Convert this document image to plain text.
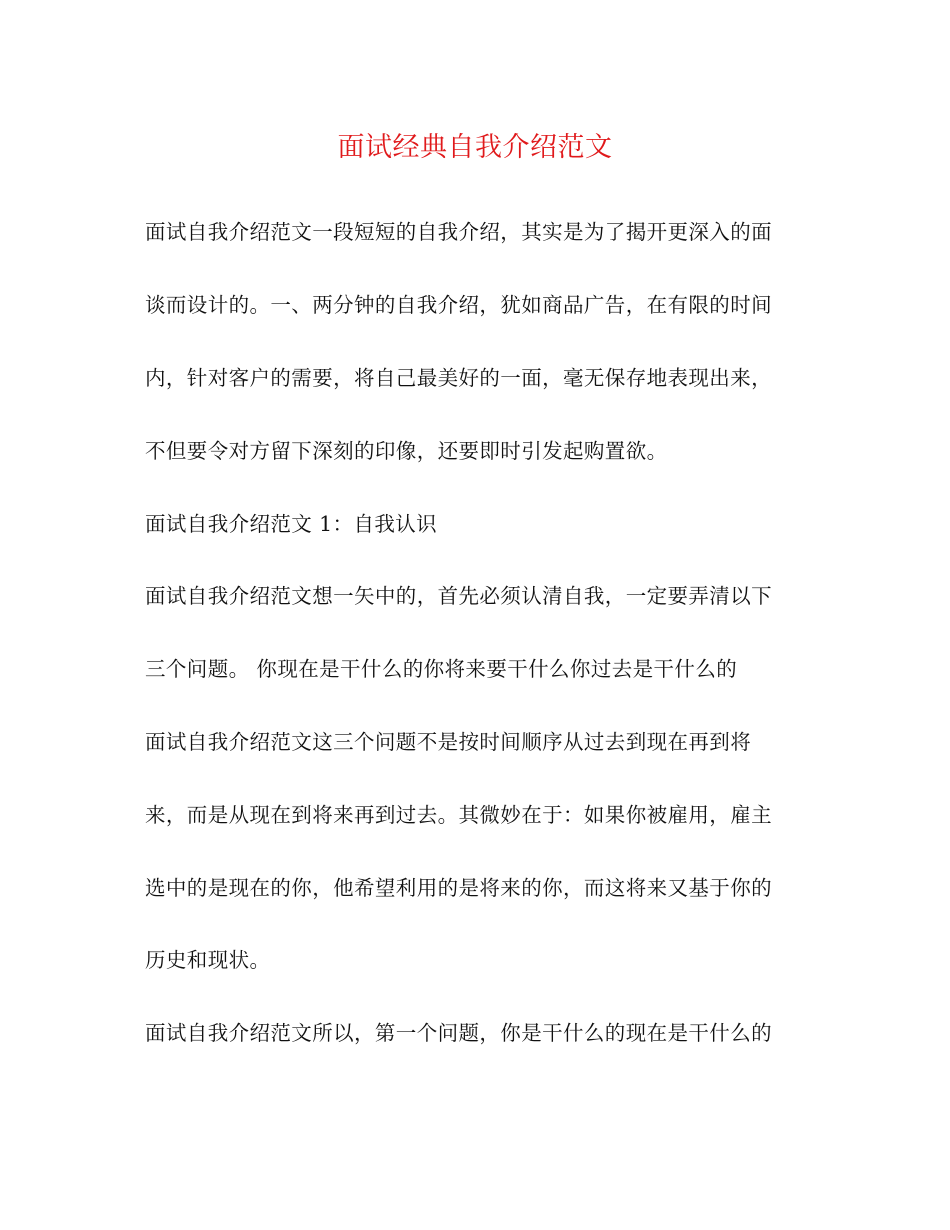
面试经典自我介绍范文
面试自我介绍范文一段短短的自我介绍，其实是为了揭开更深入的面
谈而设计的。一、两分钟的自我介绍，犹如商品广告，在有限的时间
内，针对客户的需要，将自己最美好的一面，毫无保存地表现出来，
不但要令对方留下深刻的印像，还要即时引发起购置欲。
面试自我介绍范文 1：自我认识
面试自我介绍范文想一矢中的，首先必须认清自我，一定要弄清以下
三个问题。 你现在是干什么的你将来要干什么你过去是干什么的
面试自我介绍范文这三个问题不是按时间顺序从过去到现在再到将
来，而是从现在到将来再到过去。其微妙在于：如果你被雇用，雇主
选中的是现在的你，他希望利用的是将来的你，而这将来又基于你的
历史和现状。
面试自我介绍范文所以，第一个问题，你是干什么的现在是干什么的
